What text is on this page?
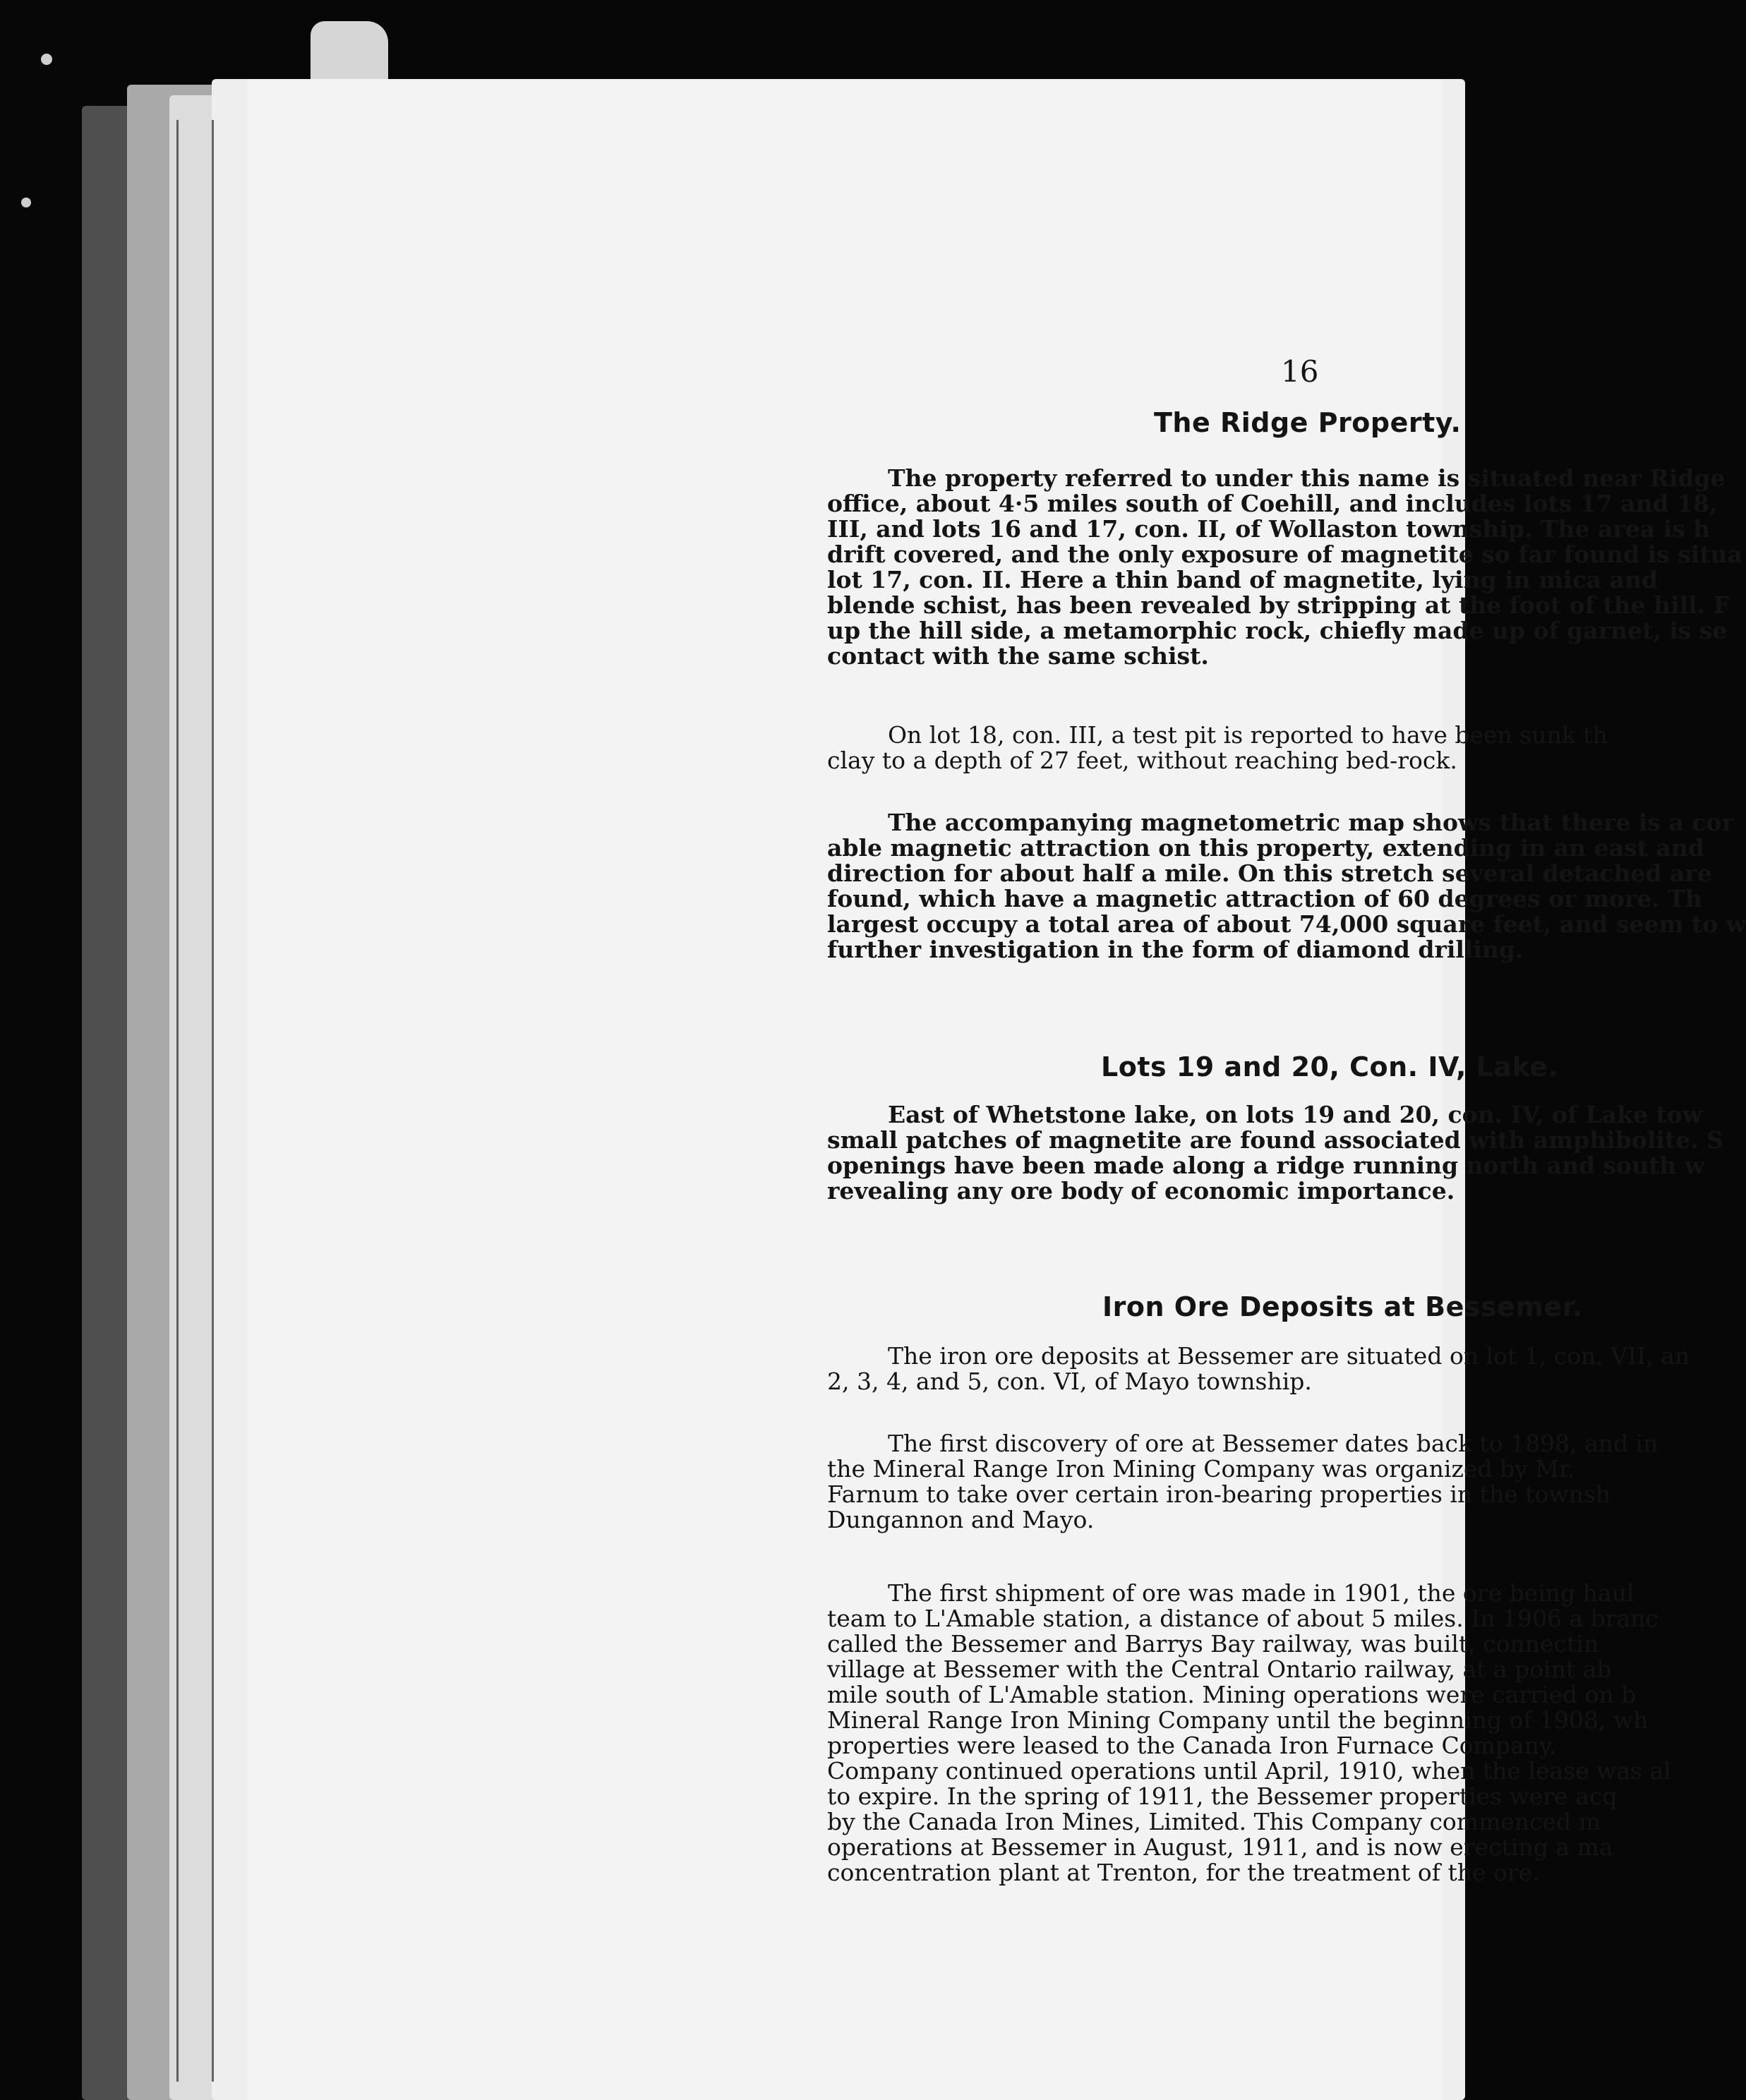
16
The Ridge Property.

The property referred to under this name is situated near Ridge
office, about 4·5 miles south of Coehill, and includes lots 17 and 18,
III, and lots 16 and 17, con. II, of Wollaston township. The area is h
drift covered, and the only exposure of magnetite so far found is situa
lot 17, con. II. Here a thin band of magnetite, lying in mica and
blende schist, has been revealed by stripping at the foot of the hill. F
up the hill side, a metamorphic rock, chiefly made up of garnet, is se
contact with the same schist.

On lot 18, con. III, a test pit is reported to have been sunk th
clay to a depth of 27 feet, without reaching bed-rock.

The accompanying magnetometric map shows that there is a cor
able magnetic attraction on this property, extending in an east and
direction for about half a mile. On this stretch several detached are
found, which have a magnetic attraction of 60 degrees or more. Th
largest occupy a total area of about 74,000 square feet, and seem to w
further investigation in the form of diamond drilling.

Lots 19 and 20, Con. IV, Lake.

East of Whetstone lake, on lots 19 and 20, con. IV, of Lake tow
small patches of magnetite are found associated with amphibolite. S
openings have been made along a ridge running north and south w
revealing any ore body of economic importance.

Iron Ore Deposits at Bessemer.

The iron ore deposits at Bessemer are situated on lot 1, con. VII, an
2, 3, 4, and 5, con. VI, of Mayo township.

The first discovery of ore at Bessemer dates back to 1898, and in
the Mineral Range Iron Mining Company was organized by Mr.
Farnum to take over certain iron-bearing properties in the townsh
Dungannon and Mayo.

The first shipment of ore was made in 1901, the ore being haul
team to L'Amable station, a distance of about 5 miles. In 1906 a branc
called the Bessemer and Barrys Bay railway, was built, connectin
village at Bessemer with the Central Ontario railway, at a point ab
mile south of L'Amable station. Mining operations were carried on b
Mineral Range Iron Mining Company until the beginning of 1908, wh
properties were leased to the Canada Iron Furnace Company.
Company continued operations until April, 1910, when the lease was al
to expire. In the spring of 1911, the Bessemer properties were acq
by the Canada Iron Mines, Limited. This Company commenced m
operations at Bessemer in August, 1911, and is now erecting a ma
concentration plant at Trenton, for the treatment of the ore.
